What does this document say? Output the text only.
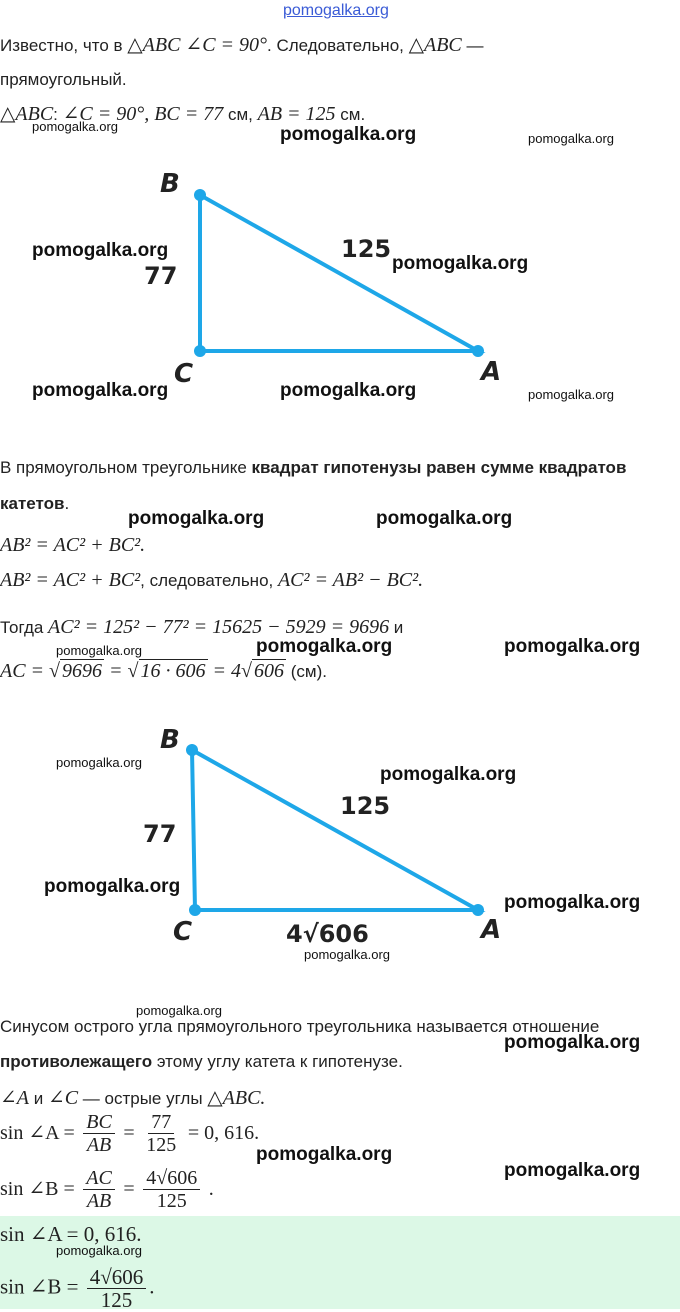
pomogalka.org
Известно, что в △ABC ∠C = 90°. Следовательно, △ABC —
прямоугольный.
△ABC: ∠C = 90°, BC = 77 см, AB = 125 см.
B
C	A
77
125
В прямоугольном треугольнике квадрат гипотенузы равен сумме квадратов
катетов.
AB² = AC² + BC².
AB² = AC² + BC², следовательно, AC² = AB² − BC².
Тогда AC² = 125² − 77² = 15625 − 5929 = 9696 и
AC = √ 9696 = √ 16 · 606 = 4√ 606 (см).
B
C	A
77
125
4√606
Синусом острого угла прямоугольного треугольника называется отношение
противолежащего этому углу катета к гипотенузе.
∠A и ∠C — острые углы △ABC.
sin ∠A = $\frac{BC}{AB} = \frac{77}{125} = 0$, 616.
sin ∠B = $\frac{AC}{AB} = \frac{4√606}{125}$ .
sin ∠A = 0, 616.
sin ∠B = $\frac{4√606}{125}$ .
pomogalka.org	pomogalka.org	pomogalka.org
pomogalka.org
pomogalka.org
pomogalka.org	pomogalka.org	pomogalka.org
pomogalka.org	pomogalka.org
pomogalka.org	pomogalka.org	pomogalka.org
pomogalka.org
pomogalka.org
pomogalka.org
pomogalka.org
pomogalka.org
pomogalka.org
pomogalka.org
pomogalka.org
pomogalka.org
pomogalka.org
